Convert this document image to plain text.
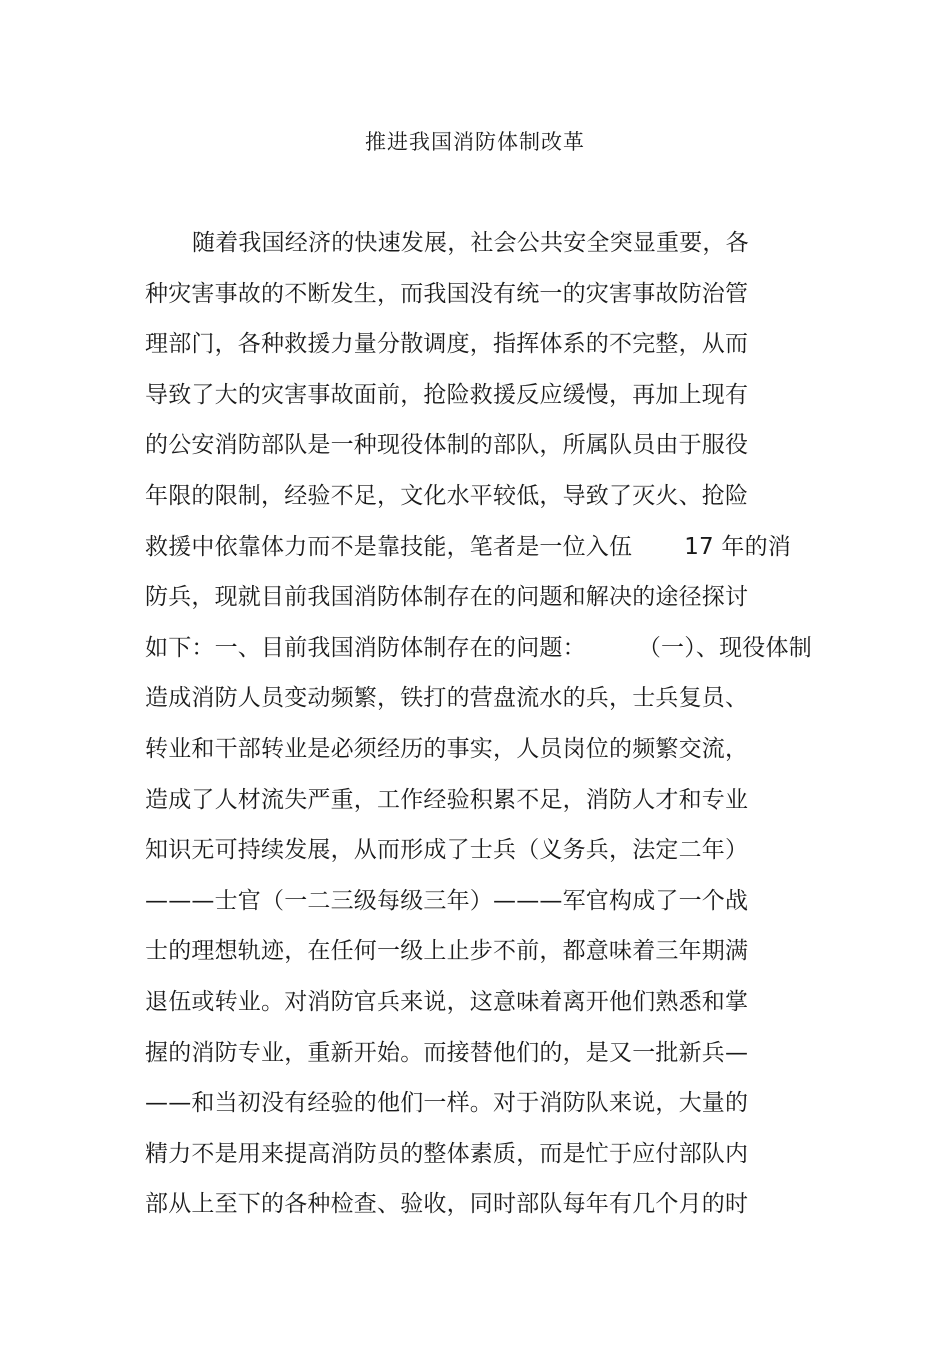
推进我国消防体制改革
随着我国经济的快速发展，社会公共安全突显重要，各
种灾害事故的不断发生，而我国没有统一的灾害事故防治管
理部门，各种救援力量分散调度，指挥体系的不完整，从而
导致了大的灾害事故面前，抢险救援反应缓慢，再加上现有
的公安消防部队是一种现役体制的部队，所属队员由于服役
年限的限制，经验不足，文化水平较低，导致了灭火、抢险
救援中依靠体力而不是靠技能，笔者是一位入伍 17 年的消
防兵，现就目前我国消防体制存在的问题和解决的途径探讨
如下：一、目前我国消防体制存在的问题： （一）、现役体制
造成消防人员变动频繁，铁打的营盘流水的兵，士兵复员、
转业和干部转业是必须经历的事实，人员岗位的频繁交流，
造成了人材流失严重，工作经验积累不足，消防人才和专业
知识无可持续发展，从而形成了士兵（义务兵，法定二年）
———士官（一二三级每级三年）———军官构成了一个战
士的理想轨迹，在任何一级上止步不前，都意味着三年期满
退伍或转业。对消防官兵来说，这意味着离开他们熟悉和掌
握的消防专业，重新开始。而接替他们的，是又一批新兵—
——和当初没有经验的他们一样。对于消防队来说，大量的
精力不是用来提高消防员的整体素质，而是忙于应付部队内
部从上至下的各种检查、验收，同时部队每年有几个月的时
